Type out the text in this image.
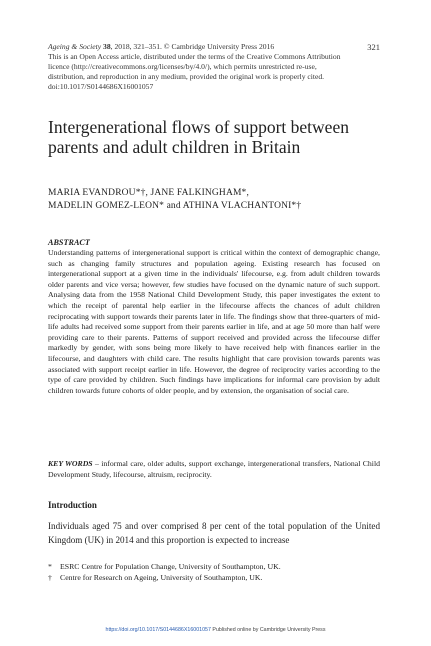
Ageing & Society 38, 2018, 321–351. © Cambridge University Press 2016
This is an Open Access article, distributed under the terms of the Creative Commons Attribution
licence (http://creativecommons.org/licenses/by/4.0/), which permits unrestricted re-use,
distribution, and reproduction in any medium, provided the original work is properly cited.
doi:10.1017/S0144686X16001057
321
Intergenerational flows of support between parents and adult children in Britain
MARIA EVANDROU*†, JANE FALKINGHAM*,
MADELIN GOMEZ-LEON* and ATHINA VLACHANTONI*†
ABSTRACT
Understanding patterns of intergenerational support is critical within the context of demographic change, such as changing family structures and population ageing. Existing research has focused on intergenerational support at a given time in the individuals' lifecourse, e.g. from adult children towards older parents and vice versa; however, few studies have focused on the dynamic nature of such support. Analysing data from the 1958 National Child Development Study, this paper investigates the extent to which the receipt of parental help earlier in the lifecourse affects the chances of adult children reciprocating with support towards their parents later in life. The findings show that three-quarters of mid-life adults had received some support from their parents earlier in life, and at age 50 more than half were providing care to their parents. Patterns of support received and provided across the lifecourse differ markedly by gender, with sons being more likely to have received help with finances earlier in the lifecourse, and daughters with child care. The results highlight that care provision towards parents was associated with support receipt earlier in life. However, the degree of reciprocity varies according to the type of care provided by children. Such findings have implications for informal care provision by adult children towards future cohorts of older people, and by extension, the organisation of social care.
KEY WORDS – informal care, older adults, support exchange, intergenerational transfers, National Child Development Study, lifecourse, altruism, reciprocity.
Introduction
Individuals aged 75 and over comprised 8 per cent of the total population of the United Kingdom (UK) in 2014 and this proportion is expected to increase
*	ESRC Centre for Population Change, University of Southampton, UK.
†	Centre for Research on Ageing, University of Southampton, UK.
https://doi.org/10.1017/S0144686X16001057 Published online by Cambridge University Press
